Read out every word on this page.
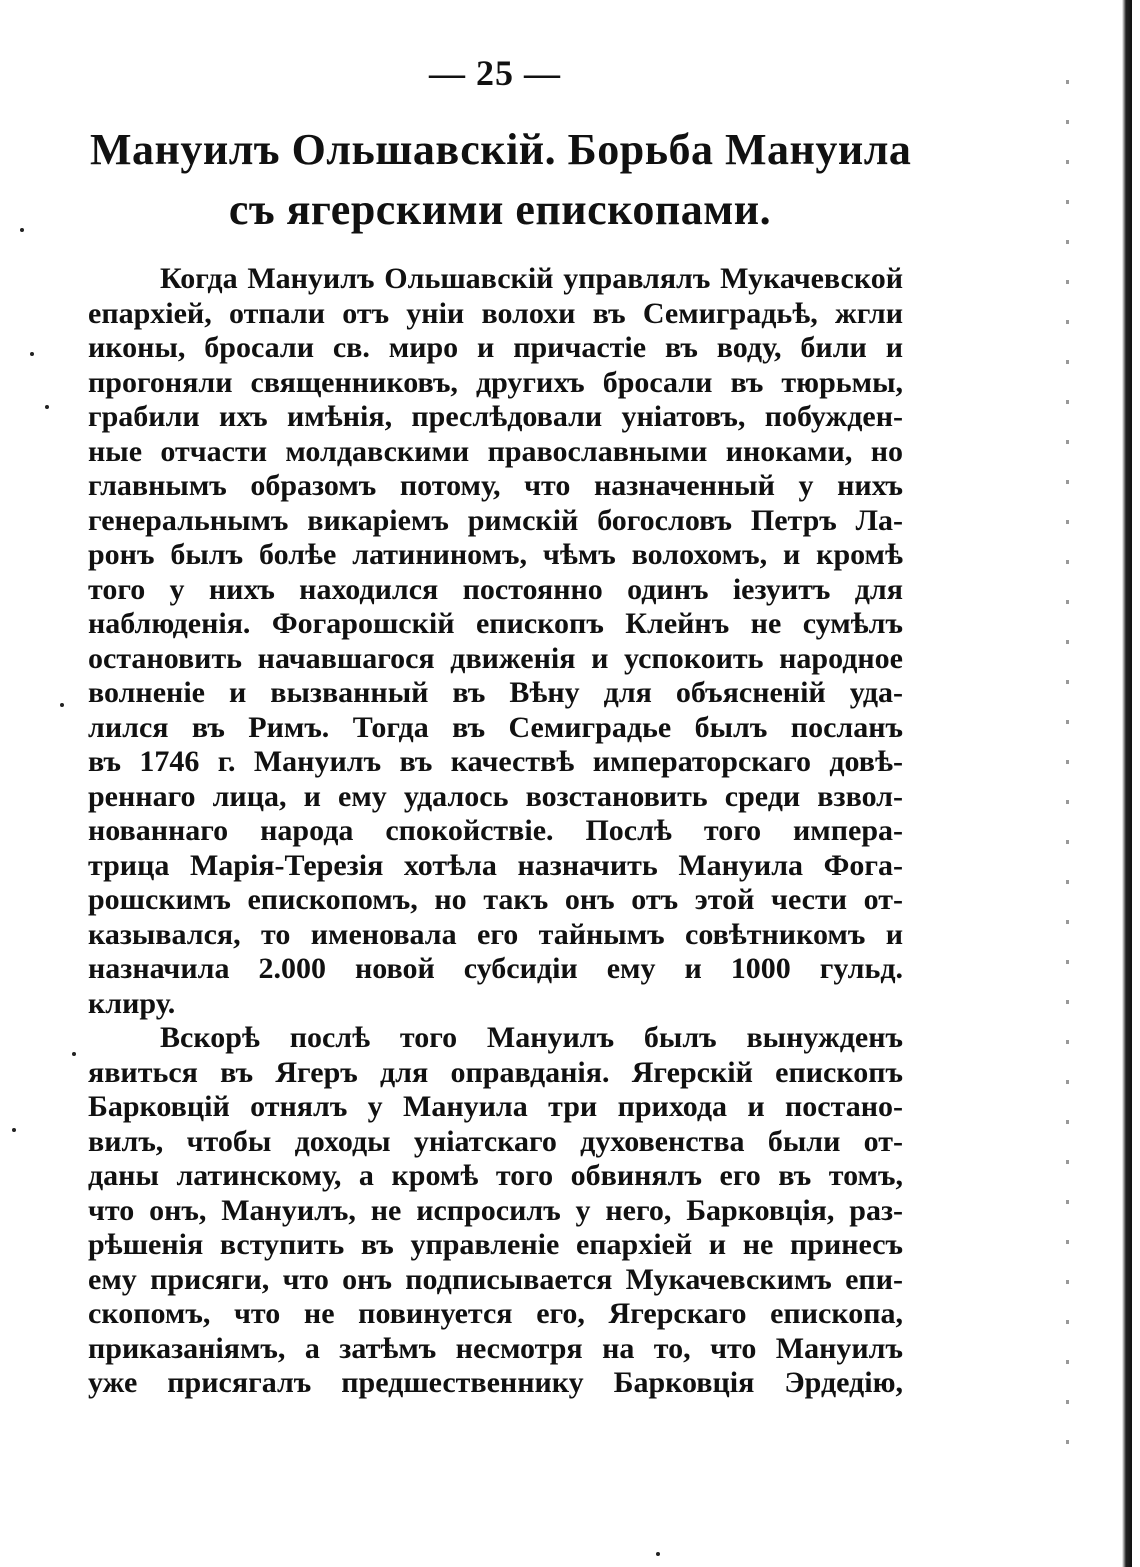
— 25 —
Мануилъ Ольшавскій. Борьба Мануила
съ ягерскими епископами.
Когда Мануилъ Ольшавскій управлялъ Мукачевской
епархіей, отпали отъ уніи волохи въ Семиградьѣ, жгли
иконы, бросали св. миро и причастіе въ воду, били и
прогоняли священниковъ, другихъ бросали въ тюрьмы,
грабили ихъ имѣнія, преслѣдовали уніатовъ, побужден-
ные отчасти молдавскими православными иноками, но
главнымъ образомъ потому, что назначенный у нихъ
генеральнымъ викаріемъ римскій богословъ Петръ Ла-
ронъ былъ болѣе латининомъ, чѣмъ волохомъ, и кромѣ
того у нихъ находился постоянно одинъ іезуитъ для
наблюденія. Фогарошскій епископъ Клейнъ не сумѣлъ
остановить начавшагося движенія и успокоить народное
волненіе и вызванный въ Вѣну для объясненій уда-
лился въ Римъ. Тогда въ Семиградье былъ посланъ
въ 1746 г. Мануилъ въ качествѣ императорскаго довѣ-
реннаго лица, и ему удалось возстановить среди взвол-
нованнаго народа спокойствіе. Послѣ того импера-
трица Марія-Терезія хотѣла назначить Мануила Фога-
рошскимъ епископомъ, но такъ онъ отъ этой чести от-
казывался, то именовала его тайнымъ совѣтникомъ и
назначила 2.000 новой субсидіи ему и 1000 гульд.
клиру.
Вскорѣ послѣ того Мануилъ былъ вынужденъ
явиться въ Ягеръ для оправданія. Ягерскій епископъ
Барковцій отнялъ у Мануила три прихода и постано-
вилъ, чтобы доходы уніатскаго духовенства были от-
даны латинскому, а кромѣ того обвинялъ его въ томъ,
что онъ, Мануилъ, не испросилъ у него, Барковція, раз-
рѣшенія вступить въ управленіе епархіей и не принесъ
ему присяги, что онъ подписывается Мукачевскимъ епи-
скопомъ, что не повинуется его, Ягерскаго епископа,
приказаніямъ, а затѣмъ несмотря на то, что Мануилъ
уже присягалъ предшественнику Барковція Эрдедію,
